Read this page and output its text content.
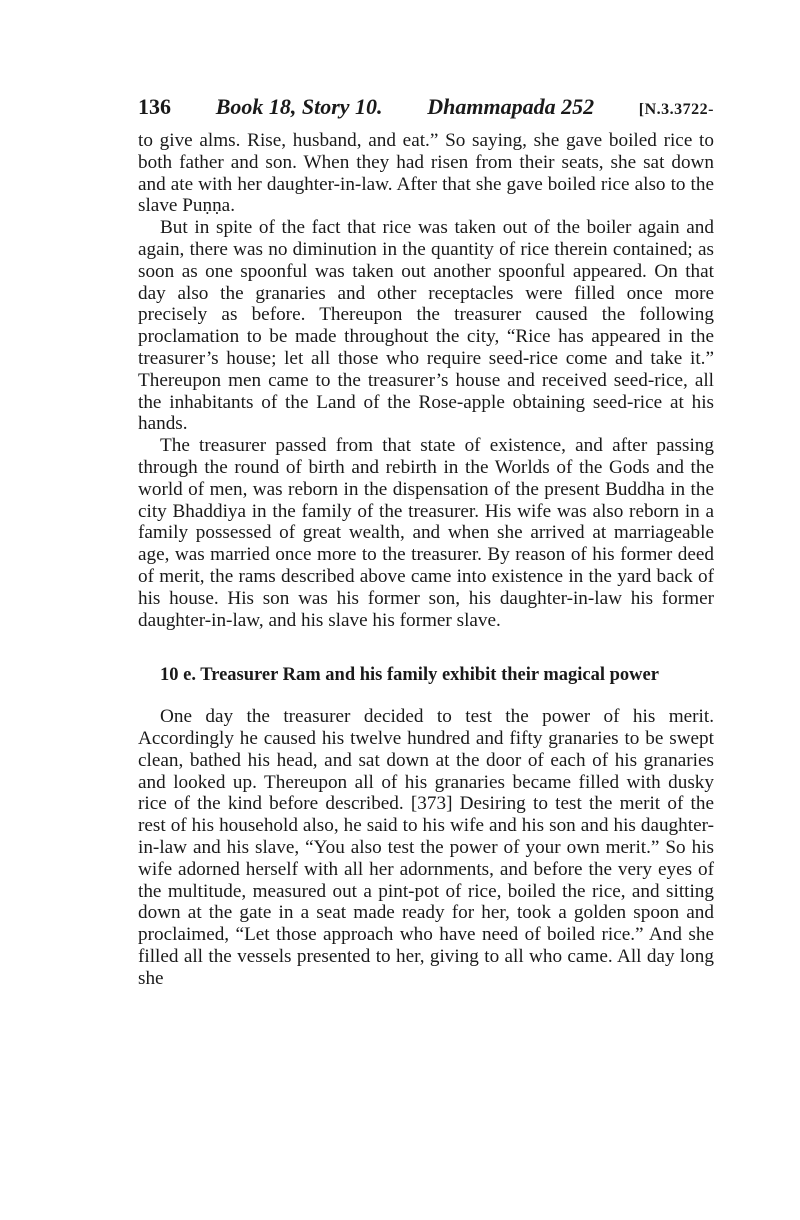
136 Book 18, Story 10. Dhammapada 252	[N.3.3722-

to give alms. Rise, husband, and eat.” So saying, she gave boiled rice to both father and son. When they had risen from their seats, she sat down and ate with her daughter-in-law. After that she gave boiled rice also to the slave Puṇṇa.

But in spite of the fact that rice was taken out of the boiler again and again, there was no diminution in the quantity of rice therein contained; as soon as one spoonful was taken out another spoonful appeared. On that day also the granaries and other receptacles were filled once more precisely as before. Thereupon the treasurer caused the following proclamation to be made throughout the city, “Rice has appeared in the treasurer’s house; let all those who require seed-rice come and take it.” Thereupon men came to the treasurer’s house and received seed-rice, all the inhabitants of the Land of the Rose-apple obtaining seed-rice at his hands.

The treasurer passed from that state of existence, and after passing through the round of birth and rebirth in the Worlds of the Gods and the world of men, was reborn in the dispensation of the present Buddha in the city Bhaddiya in the family of the treasurer. His wife was also reborn in a family possessed of great wealth, and when she arrived at marriageable age, was married once more to the treasurer. By reason of his former deed of merit, the rams described above came into existence in the yard back of his house. His son was his former son, his daughter-in-law his former daughter-in-law, and his slave his former slave.

10 e. Treasurer Ram and his family exhibit their magical power

One day the treasurer decided to test the power of his merit. Accordingly he caused his twelve hundred and fifty granaries to be swept clean, bathed his head, and sat down at the door of each of his granaries and looked up. Thereupon all of his granaries became filled with dusky rice of the kind before described. [373] Desiring to test the merit of the rest of his household also, he said to his wife and his son and his daughter-in-law and his slave, “You also test the power of your own merit.” So his wife adorned herself with all her adornments, and before the very eyes of the multitude, measured out a pint-pot of rice, boiled the rice, and sitting down at the gate in a seat made ready for her, took a golden spoon and proclaimed, “Let those approach who have need of boiled rice.” And she filled all the vessels presented to her, giving to all who came. All day long she
